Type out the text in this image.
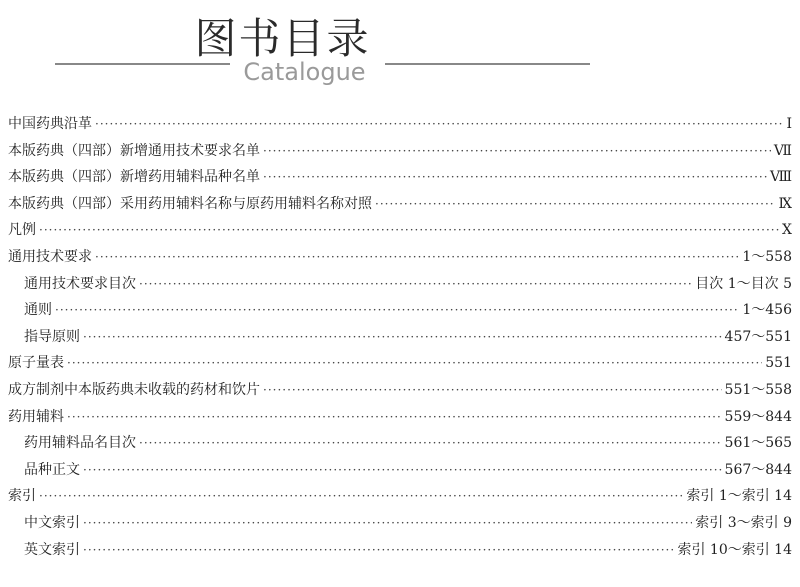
图书目录
Catalogue
中国药典沿革 ·····	Ⅰ
本版药典（四部）新增通用技术要求名单 ·····	Ⅶ
本版药典（四部）新增药用辅料品种名单 ·····	Ⅷ
本版药典（四部）采用药用辅料名称与原药用辅料名称对照 ·····	Ⅸ
凡例 ·····	Ⅹ
通用技术要求 ·····	1～558
通用技术要求目次 ·····	目次 1～目次 5
通则 ·····	1～456
指导原则 ·····	457～551
原子量表 ·····	551
成方制剂中本版药典未收载的药材和饮片 ·····	551～558
药用辅料 ·····	559～844
药用辅料品名目次 ·····	561～565
品种正文 ·····	567～844
索引 ·····	索引 1～索引 14
中文索引 ·····	索引 3～索引 9
英文索引 ·····	索引 10～索引 14
